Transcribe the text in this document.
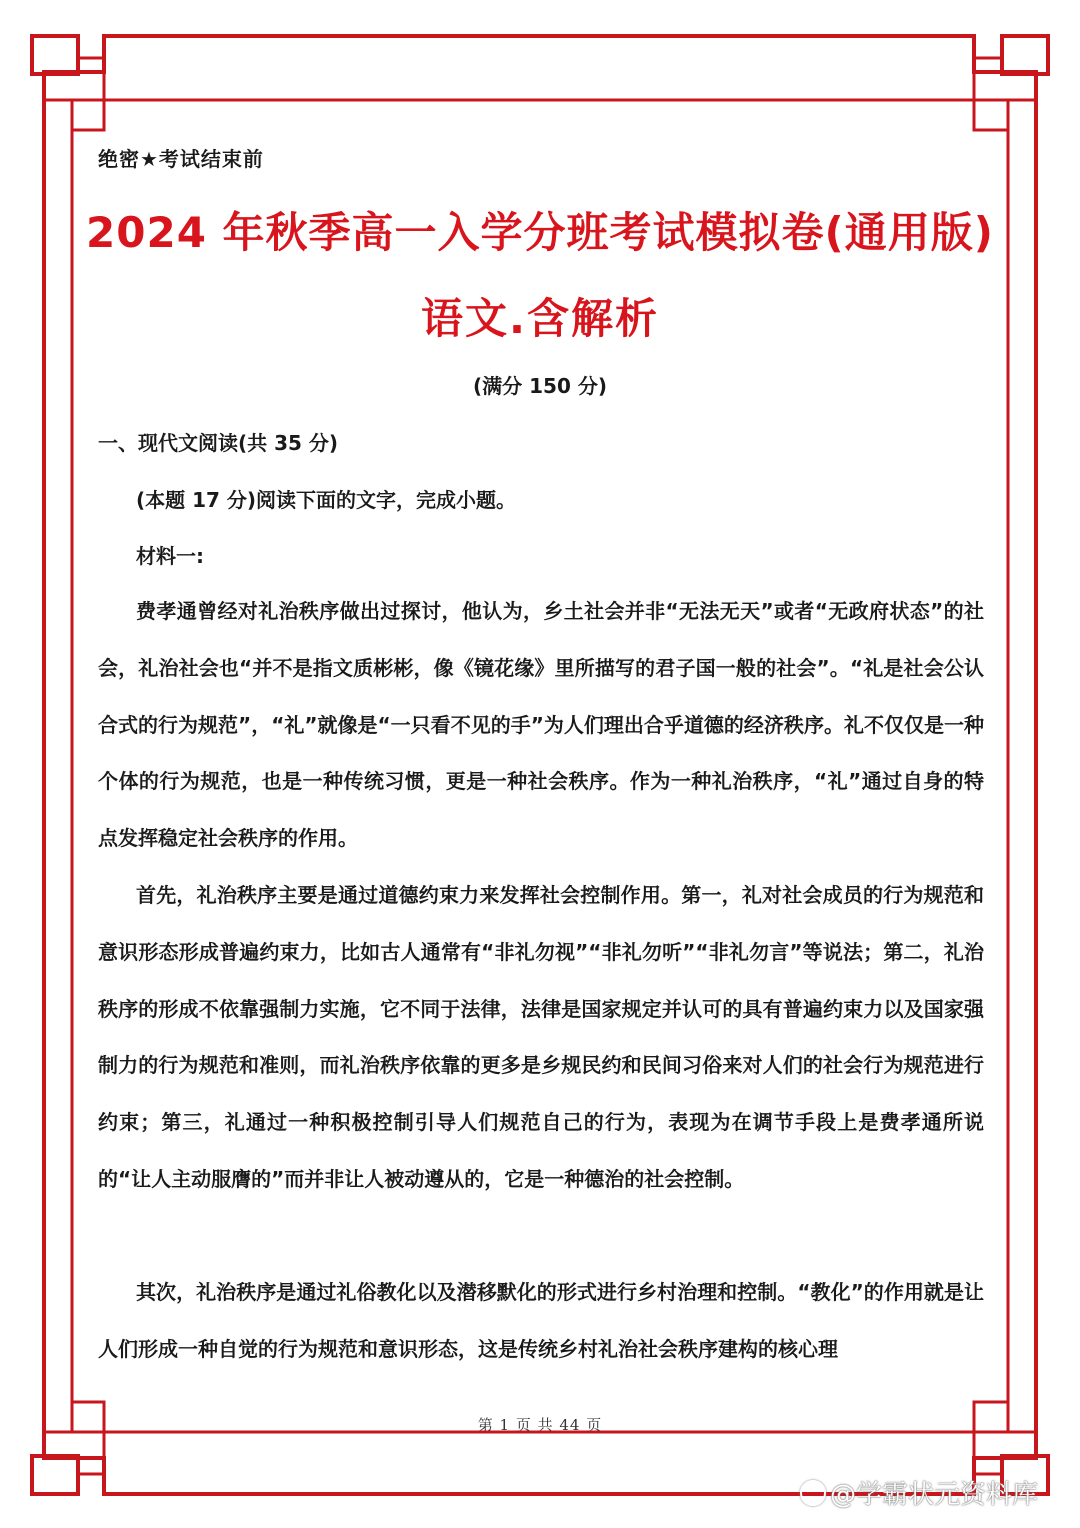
绝密★考试结束前
2024 年秋季高一入学分班考试模拟卷(通用版)
语文.含解析
(满分 150 分)
一、现代文阅读(共 35 分)
(本题 17 分)阅读下面的文字，完成小题。
材料一:

费孝通曾经对礼治秩序做出过探讨，他认为，乡土社会并非“无法无天”或者“无政府状态”的社会，礼治社会也“并不是指文质彬彬，像《镜花缘》里所描写的君子国一般的社会”。“礼是社会公认合式的行为规范”，“礼”就像是“一只看不见的手”为人们理出合乎道德的经济秩序。礼不仅仅是一种个体的行为规范，也是一种传统习惯，更是一种社会秩序。作为一种礼治秩序，“礼”通过自身的特点发挥稳定社会秩序的作用。

首先，礼治秩序主要是通过道德约束力来发挥社会控制作用。第一，礼对社会成员的行为规范和意识形态形成普遍约束力，比如古人通常有“非礼勿视”“非礼勿听”“非礼勿言”等说法；第二，礼治秩序的形成不依靠强制力实施，它不同于法律，法律是国家规定并认可的具有普遍约束力以及国家强制力的行为规范和准则，而礼治秩序依靠的更多是乡规民约和民间习俗来对人们的社会行为规范进行约束；第三，礼通过一种积极控制引导人们规范自己的行为，表现为在调节手段上是费孝通所说的“让人主动服膺的”而并非让人被动遵从的，它是一种德治的社会控制。

其次，礼治秩序是通过礼俗教化以及潜移默化的形式进行乡村治理和控制。“教化”的作用就是让人们形成一种自觉的行为规范和意识形态，这是传统乡村礼治社会秩序建构的核心理

第 1 页 共 44 页
@学霸状元资料库
